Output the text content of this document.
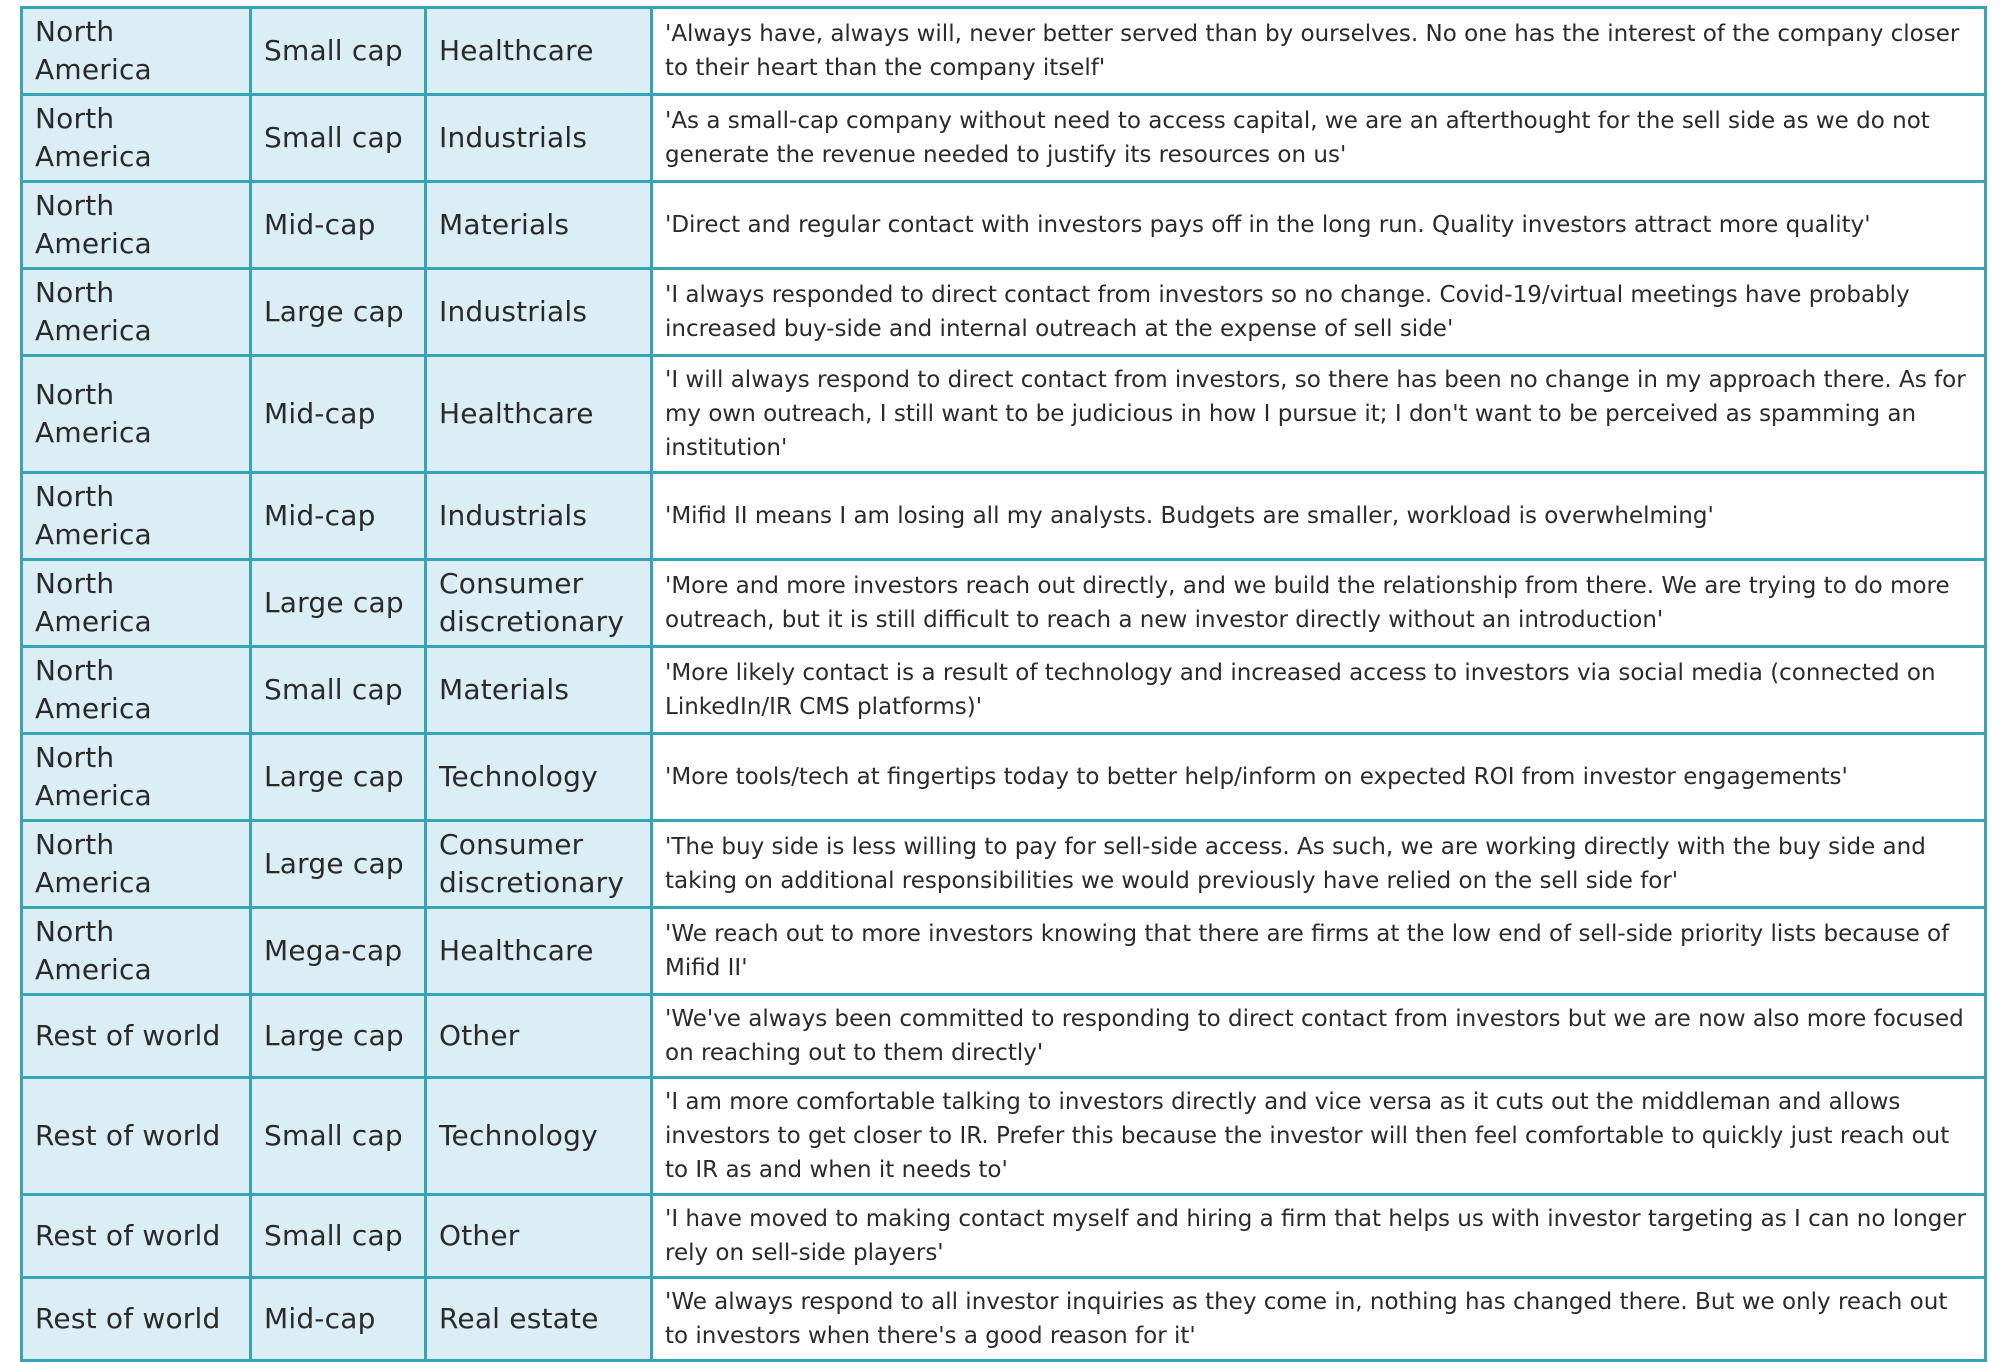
North America	Small cap	Healthcare	'Always have, always will, never better served than by ourselves. No one has the interest of the company closer to their heart than the company itself'
North America	Small cap	Industrials	'As a small-cap company without need to access capital, we are an afterthought for the sell side as we do not generate the revenue needed to justify its resources on us'
North America	Mid-cap	Materials	'Direct and regular contact with investors pays off in the long run. Quality investors attract more quality'
North America	Large cap	Industrials	'I always responded to direct contact from investors so no change. Covid-19/virtual meetings have probably increased buy-side and internal outreach at the expense of sell side'
North America	Mid-cap	Healthcare	'I will always respond to direct contact from investors, so there has been no change in my approach there. As for my own outreach, I still want to be judicious in how I pursue it; I don't want to be perceived as spamming an institution'
North America	Mid-cap	Industrials	'Mifid II means I am losing all my analysts. Budgets are smaller, workload is overwhelming'
North America	Large cap	Consumer discretionary	'More and more investors reach out directly, and we build the relationship from there. We are trying to do more outreach, but it is still difficult to reach a new investor directly without an introduction'
North America	Small cap	Materials	'More likely contact is a result of technology and increased access to investors via social media (connected on LinkedIn/IR CMS platforms)'
North America	Large cap	Technology	'More tools/tech at fingertips today to better help/inform on expected ROI from investor engagements'
North America	Large cap	Consumer discretionary	'The buy side is less willing to pay for sell-side access. As such, we are working directly with the buy side and taking on additional responsibilities we would previously have relied on the sell side for'
North America	Mega-cap	Healthcare	'We reach out to more investors knowing that there are firms at the low end of sell-side priority lists because of Mifid II'
Rest of world	Large cap	Other	'We've always been committed to responding to direct contact from investors but we are now also more focused on reaching out to them directly'
Rest of world	Small cap	Technology	'I am more comfortable talking to investors directly and vice versa as it cuts out the middleman and allows investors to get closer to IR. Prefer this because the investor will then feel comfortable to quickly just reach out to IR as and when it needs to'
Rest of world	Small cap	Other	'I have moved to making contact myself and hiring a firm that helps us with investor targeting as I can no longer rely on sell-side players'
Rest of world	Mid-cap	Real estate	'We always respond to all investor inquiries as they come in, nothing has changed there. But we only reach out to investors when there's a good reason for it'
